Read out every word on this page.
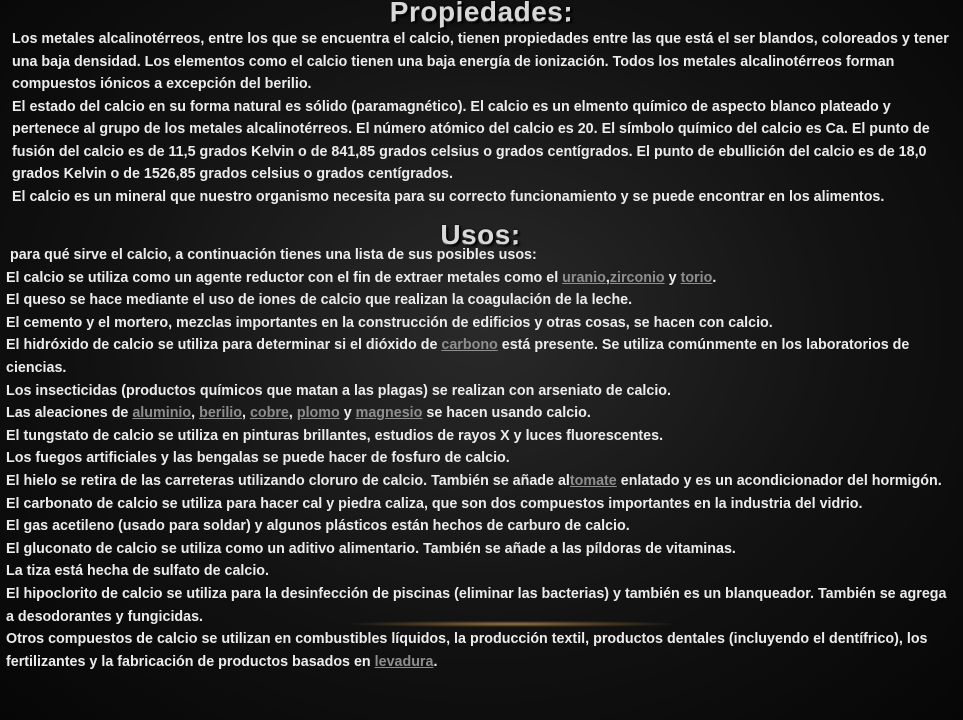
Propiedades:

Los metales alcalinotérreos, entre los que se encuentra el calcio, tienen propiedades entre las que está el ser blandos, coloreados y tener una baja densidad. Los elementos como el calcio tienen una baja energía de ionización. Todos los metales alcalinotérreos forman compuestos iónicos a excepción del berilio.

El estado del calcio en su forma natural es sólido (paramagnético). El calcio es un elmento químico de aspecto blanco plateado y pertenece al grupo de los metales alcalinotérreos. El número atómico del calcio es 20. El símbolo químico del calcio es Ca. El punto de fusión del calcio es de 11,5 grados Kelvin o de 841,85 grados celsius o grados centígrados. El punto de ebullición del calcio es de 18,0 grados Kelvin o de 1526,85 grados celsius o grados centígrados.

El calcio es un mineral que nuestro organismo necesita para su correcto funcionamiento y se puede encontrar en los alimentos.

Usos:

para qué sirve el calcio, a continuación tienes una lista de sus posibles usos:

El calcio se utiliza como un agente reductor con el fin de extraer metales como el uranio,zirconio y torio.

El queso se hace mediante el uso de iones de calcio que realizan la coagulación de la leche.

El cemento y el mortero, mezclas importantes en la construcción de edificios y otras cosas, se hacen con calcio.

El hidróxido de calcio se utiliza para determinar si el dióxido de carbono está presente. Se utiliza comúnmente en los laboratorios de ciencias.

Los insecticidas (productos químicos que matan a las plagas) se realizan con arseniato de calcio.

Las aleaciones de aluminio, berilio, cobre, plomo y magnesio se hacen usando calcio.

El tungstato de calcio se utiliza en pinturas brillantes, estudios de rayos X y luces fluorescentes.

Los fuegos artificiales y las bengalas se puede hacer de fosfuro de calcio.

El hielo se retira de las carreteras utilizando cloruro de calcio. También se añade altomate enlatado y es un acondicionador del hormigón.

El carbonato de calcio se utiliza para hacer cal y piedra caliza, que son dos compuestos importantes en la industria del vidrio.

El gas acetileno (usado para soldar) y algunos plásticos están hechos de carburo de calcio.

El gluconato de calcio se utiliza como un aditivo alimentario. También se añade a las píldoras de vitaminas.

La tiza está hecha de sulfato de calcio.

El hipoclorito de calcio se utiliza para la desinfección de piscinas (eliminar las bacterias) y también es un blanqueador. También se agrega a desodorantes y fungicidas.

Otros compuestos de calcio se utilizan en combustibles líquidos, la producción textil, productos dentales (incluyendo el dentífrico), los fertilizantes y la fabricación de productos basados en levadura.
